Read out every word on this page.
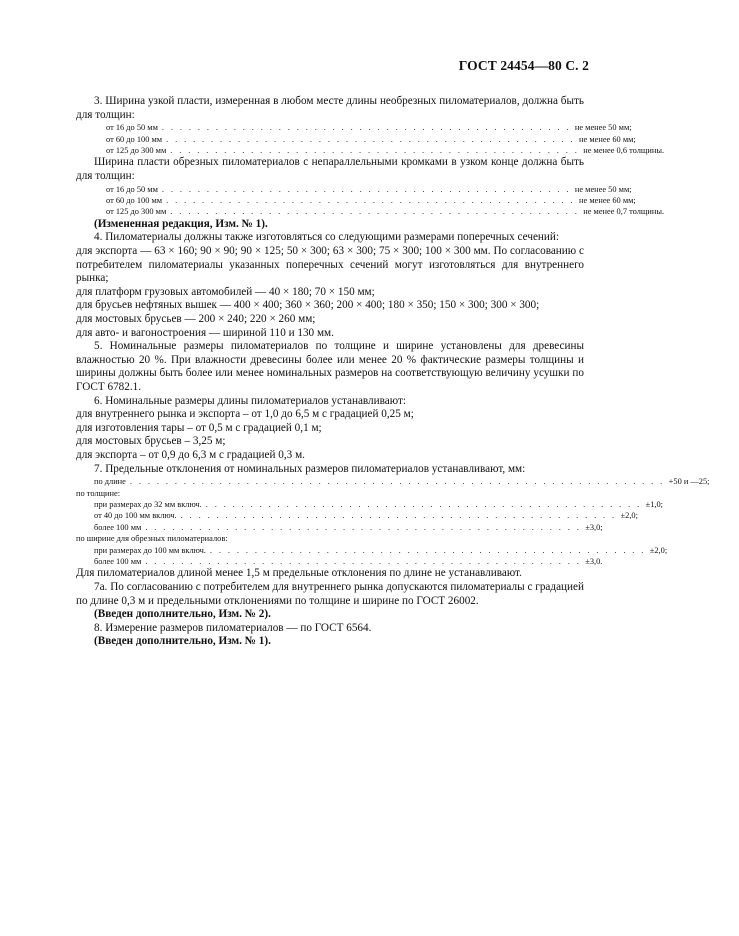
ГОСТ 24454—80 С. 2

3. Ширина узкой пласти, измеренная в любом месте длины необрезных пиломатериалов, должна быть для толщин:

от 16 до 50 мм . . . . . . . . . . . . . . . . . . . . . . . . . . . . . . . . . . . . . . . . . . . . . . не менее 50 мм;
от 60 до 100 мм . . . . . . . . . . . . . . . . . . . . . . . . . . . . . . . . . . . . . . . . . . . . . . не менее 60 мм;
от 125 до 300 мм . . . . . . . . . . . . . . . . . . . . . . . . . . . . . . . . . . . . . . . . . . . . . . не менее 0,6 толщины.

Ширина пласти обрезных пиломатериалов с непараллельными кромками в узком конце должна быть для толщин:

от 16 до 50 мм . . . . . . . . . . . . . . . . . . . . . . . . . . . . . . . . . . . . . . . . . . . . . . не менее 50 мм;
от 60 до 100 мм . . . . . . . . . . . . . . . . . . . . . . . . . . . . . . . . . . . . . . . . . . . . . . не менее 60 мм;
от 125 до 300 мм . . . . . . . . . . . . . . . . . . . . . . . . . . . . . . . . . . . . . . . . . . . . . . не менее 0,7 толщины.

(Измененная редакция, Изм. № 1).

4. Пиломатериалы должны также изготовляться со следующими размерами поперечных сечений:

для экспорта — 63 × 160; 90 × 90; 90 × 125; 50 × 300; 63 × 300; 75 × 300; 100 × 300 мм. По согласованию с потребителем пиломатериалы указанных поперечных сечений могут изготовляться для внутреннего рынка;

для платформ грузовых автомобилей — 40 × 180; 70 × 150 мм;

для брусьев нефтяных вышек — 400 × 400; 360 × 360; 200 × 400; 180 × 350; 150 × 300; 300 × 300;

для мостовых брусьев — 200 × 240; 220 × 260 мм;

для авто- и вагоностроения — шириной 110 и 130 мм.

5. Номинальные размеры пиломатериалов по толщине и ширине установлены для древесины влажностью 20 %. При влажности древесины более или менее 20 % фактические размеры толщины и ширины должны быть более или менее номинальных размеров на соответствующую величину усушки по ГОСТ 6782.1.

6. Номинальные размеры длины пиломатериалов устанавливают:

для внутреннего рынка и экспорта – от 1,0 до 6,5 м с градацией 0,25 м;

для изготовления тары – от 0,5 м с градацией 0,1 м;

для мостовых брусьев – 3,25 м;

для экспорта – от 0,9 до 6,3 м с градацией 0,3 м.

7. Предельные отклонения от номинальных размеров пиломатериалов устанавливают, мм:

по длине . . . . . . . . . . . . . . . . . . . . . . . . . . . . . . . . . . . . . . . . . . . . . . . . . . . . . . . . . . . . +50 и —25;

по толщине:

при размерах до 32 мм включ. . . . . . . . . . . . . . . . . . . . . . . . . . . . . . . . . . . . . . . . . . . . . . . . . . ±1,0;
от 40 до 100 мм включ. . . . . . . . . . . . . . . . . . . . . . . . . . . . . . . . . . . . . . . . . . . . . . . . . . ±2,0;
более 100 мм . . . . . . . . . . . . . . . . . . . . . . . . . . . . . . . . . . . . . . . . . . . . . . . . . ±3,0;

по ширине для обрезных пиломатериалов:

при размерах до 100 мм включ. . . . . . . . . . . . . . . . . . . . . . . . . . . . . . . . . . . . . . . . . . . . . . . . . . ±2,0;
более 100 мм . . . . . . . . . . . . . . . . . . . . . . . . . . . . . . . . . . . . . . . . . . . . . . . . . ±3,0.

Для пиломатериалов длиной менее 1,5 м предельные отклонения по длине не устанавливают.

7а. По согласованию с потребителем для внутреннего рынка допускаются пиломатериалы с градацией по длине 0,3 м и предельными отклонениями по толщине и ширине по ГОСТ 26002.

(Введен дополнительно, Изм. № 2).

8. Измерение размеров пиломатериалов — по ГОСТ 6564.

(Введен дополнительно, Изм. № 1).
